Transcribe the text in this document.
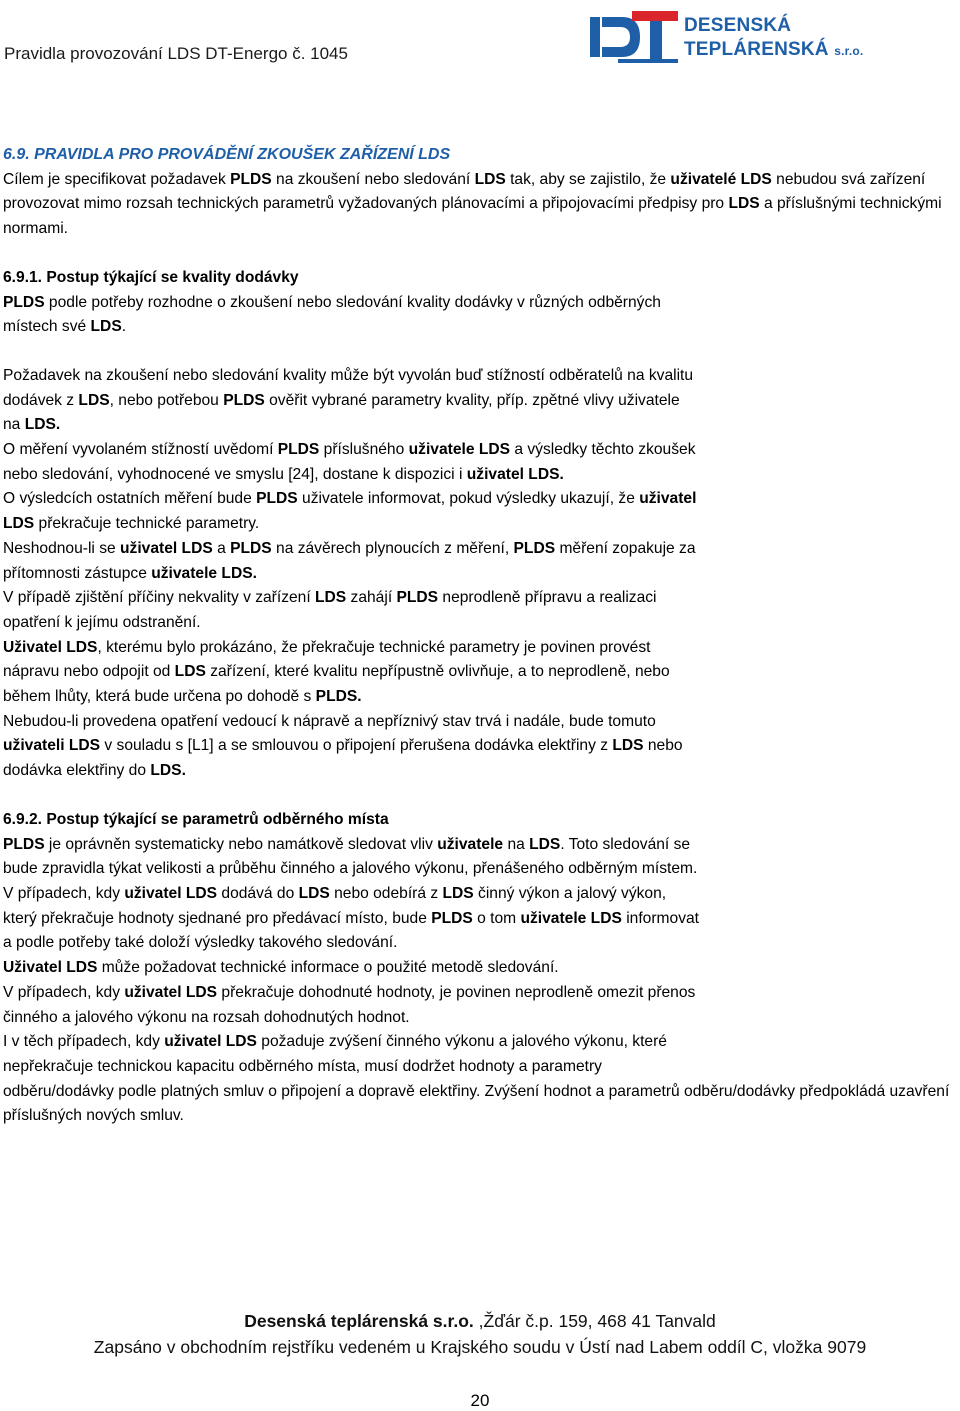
Pravidla provozování LDS DT-Energo č. 1045
DESENSKÁ
TEPLÁRENSKÁ s.r.o.

6.9. PRAVIDLA PRO PROVÁDĚNÍ ZKOUŠEK ZAŘÍZENÍ LDS

Cílem je specifikovat požadavek PLDS na zkoušení nebo sledování LDS tak, aby se zajistilo, že uživatelé LDS nebudou svá zařízení provozovat mimo rozsah technických parametrů vyžadovaných plánovacími a připojovacími předpisy pro LDS a příslušnými technickými normami.

6.9.1. Postup týkající se kvality dodávky

PLDS podle potřeby rozhodne o zkoušení nebo sledování kvality dodávky v různých odběrných
místech své LDS.

Požadavek na zkoušení nebo sledování kvality může být vyvolán buď stížností odběratelů na kvalitu
dodávek z LDS, nebo potřebou PLDS ověřit vybrané parametry kvality, příp. zpětné vlivy uživatele
na LDS.

O měření vyvolaném stížností uvědomí PLDS příslušného uživatele LDS a výsledky těchto zkoušek
nebo sledování, vyhodnocené ve smyslu [24], dostane k dispozici i uživatel LDS.

O výsledcích ostatních měření bude PLDS uživatele informovat, pokud výsledky ukazují, že uživatel
LDS překračuje technické parametry.

Neshodnou-li se uživatel LDS a PLDS na závěrech plynoucích z měření, PLDS měření zopakuje za
přítomnosti zástupce uživatele LDS.

V případě zjištění příčiny nekvality v zařízení LDS zahájí PLDS neprodleně přípravu a realizaci
opatření k jejímu odstranění.

Uživatel LDS, kterému bylo prokázáno, že překračuje technické parametry je povinen provést
nápravu nebo odpojit od LDS zařízení, které kvalitu nepřípustně ovlivňuje, a to neprodleně, nebo
během lhůty, která bude určena po dohodě s PLDS.

Nebudou-li provedena opatření vedoucí k nápravě a nepříznivý stav trvá i nadále, bude tomuto
uživateli LDS v souladu s [L1] a se smlouvou o připojení přerušena dodávka elektřiny z LDS nebo
dodávka elektřiny do LDS.

6.9.2. Postup týkající se parametrů odběrného místa

PLDS je oprávněn systematicky nebo namátkově sledovat vliv uživatele na LDS. Toto sledování se
bude zpravidla týkat velikosti a průběhu činného a jalového výkonu, přenášeného odběrným místem.

V případech, kdy uživatel LDS dodává do LDS nebo odebírá z LDS činný výkon a jalový výkon,
který překračuje hodnoty sjednané pro předávací místo, bude PLDS o tom uživatele LDS informovat
a podle potřeby také doloží výsledky takového sledování.

Uživatel LDS může požadovat technické informace o použité metodě sledování.

V případech, kdy uživatel LDS překračuje dohodnuté hodnoty, je povinen neprodleně omezit přenos
činného a jalového výkonu na rozsah dohodnutých hodnot.

I v těch případech, kdy uživatel LDS požaduje zvýšení činného výkonu a jalového výkonu, které
nepřekračuje technickou kapacitu odběrného místa, musí dodržet hodnoty a parametry
odběru/dodávky podle platných smluv o připojení a dopravě elektřiny. Zvýšení hodnot a parametrů odběru/dodávky předpokládá uzavření příslušných nových smluv.

Desenská teplárenská s.r.o. ,Žďár č.p. 159, 468 41 Tanvald
Zapsáno v obchodním rejstříku vedeném u Krajského soudu v Ústí nad Labem oddíl C, vložka 9079
20
